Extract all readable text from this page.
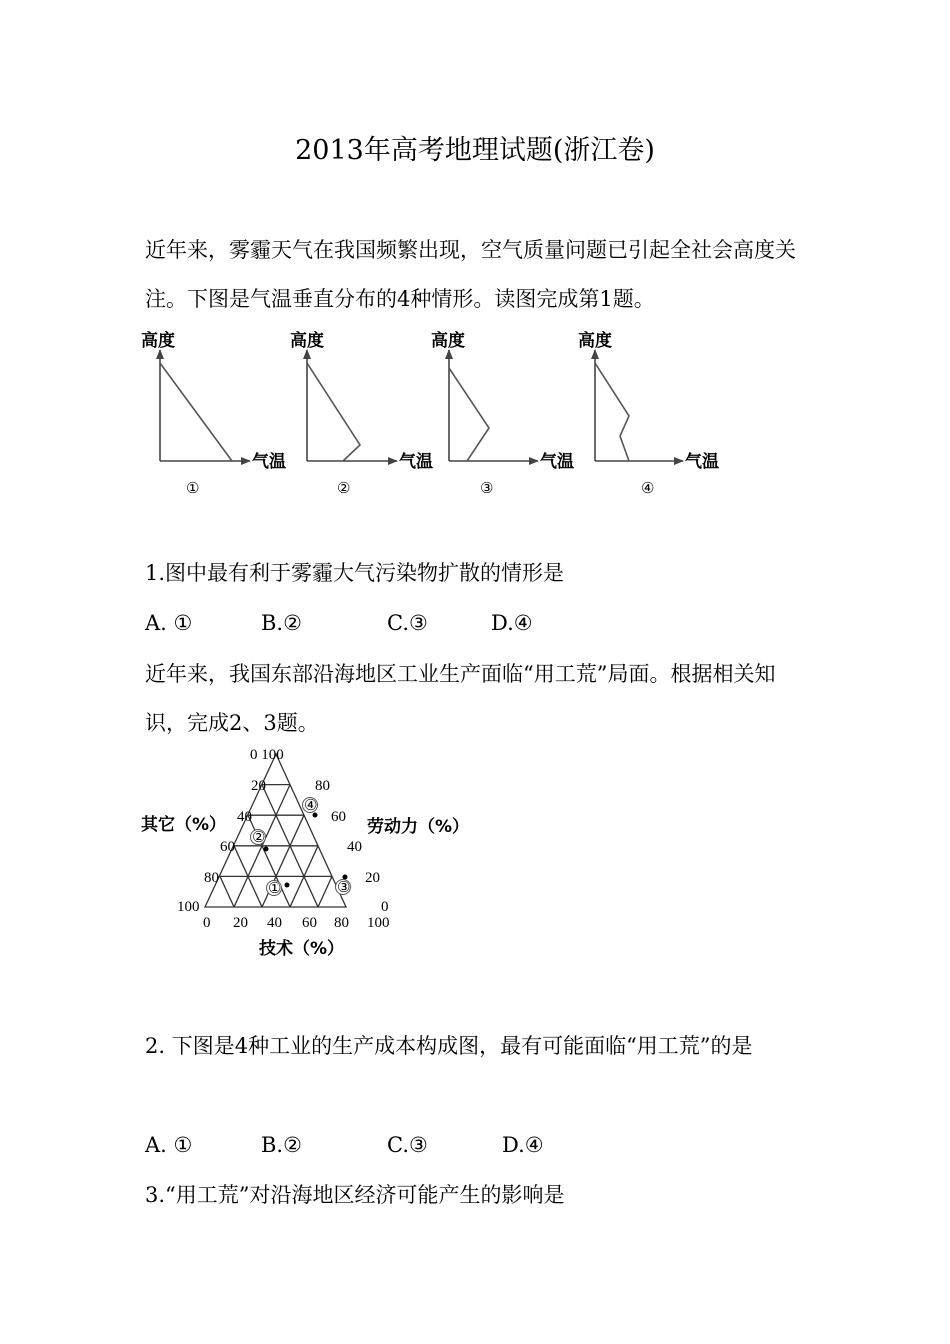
2013年高考地理试题(浙江卷)

近年来，雾霾天气在我国频繁出现，空气质量问题已引起全社会高度关注。下图是气温垂直分布的4种情形。读图完成第1题。

高度
气温
①
高度
气温
②
高度
气温
③
高度
气温
④
1.图中最有利于雾霾大气污染物扩散的情形是
A. ①	B.②	C.③	D.④

近年来，我国东部沿海地区工业生产面临“用工荒”局面。根据相关知识，完成2、3题。

①
②
③
④
0 100
20
40
60
80
100
80
60
40
20
0
0 20 40 60 80 100
其它（%）	劳动力（%）
技术（%）

2. 下图是4种工业的生产成本构成图，最有可能面临“用工荒”的是

A. ①	B.②	C.③	D.④
3.“用工荒”对沿海地区经济可能产生的影响是
